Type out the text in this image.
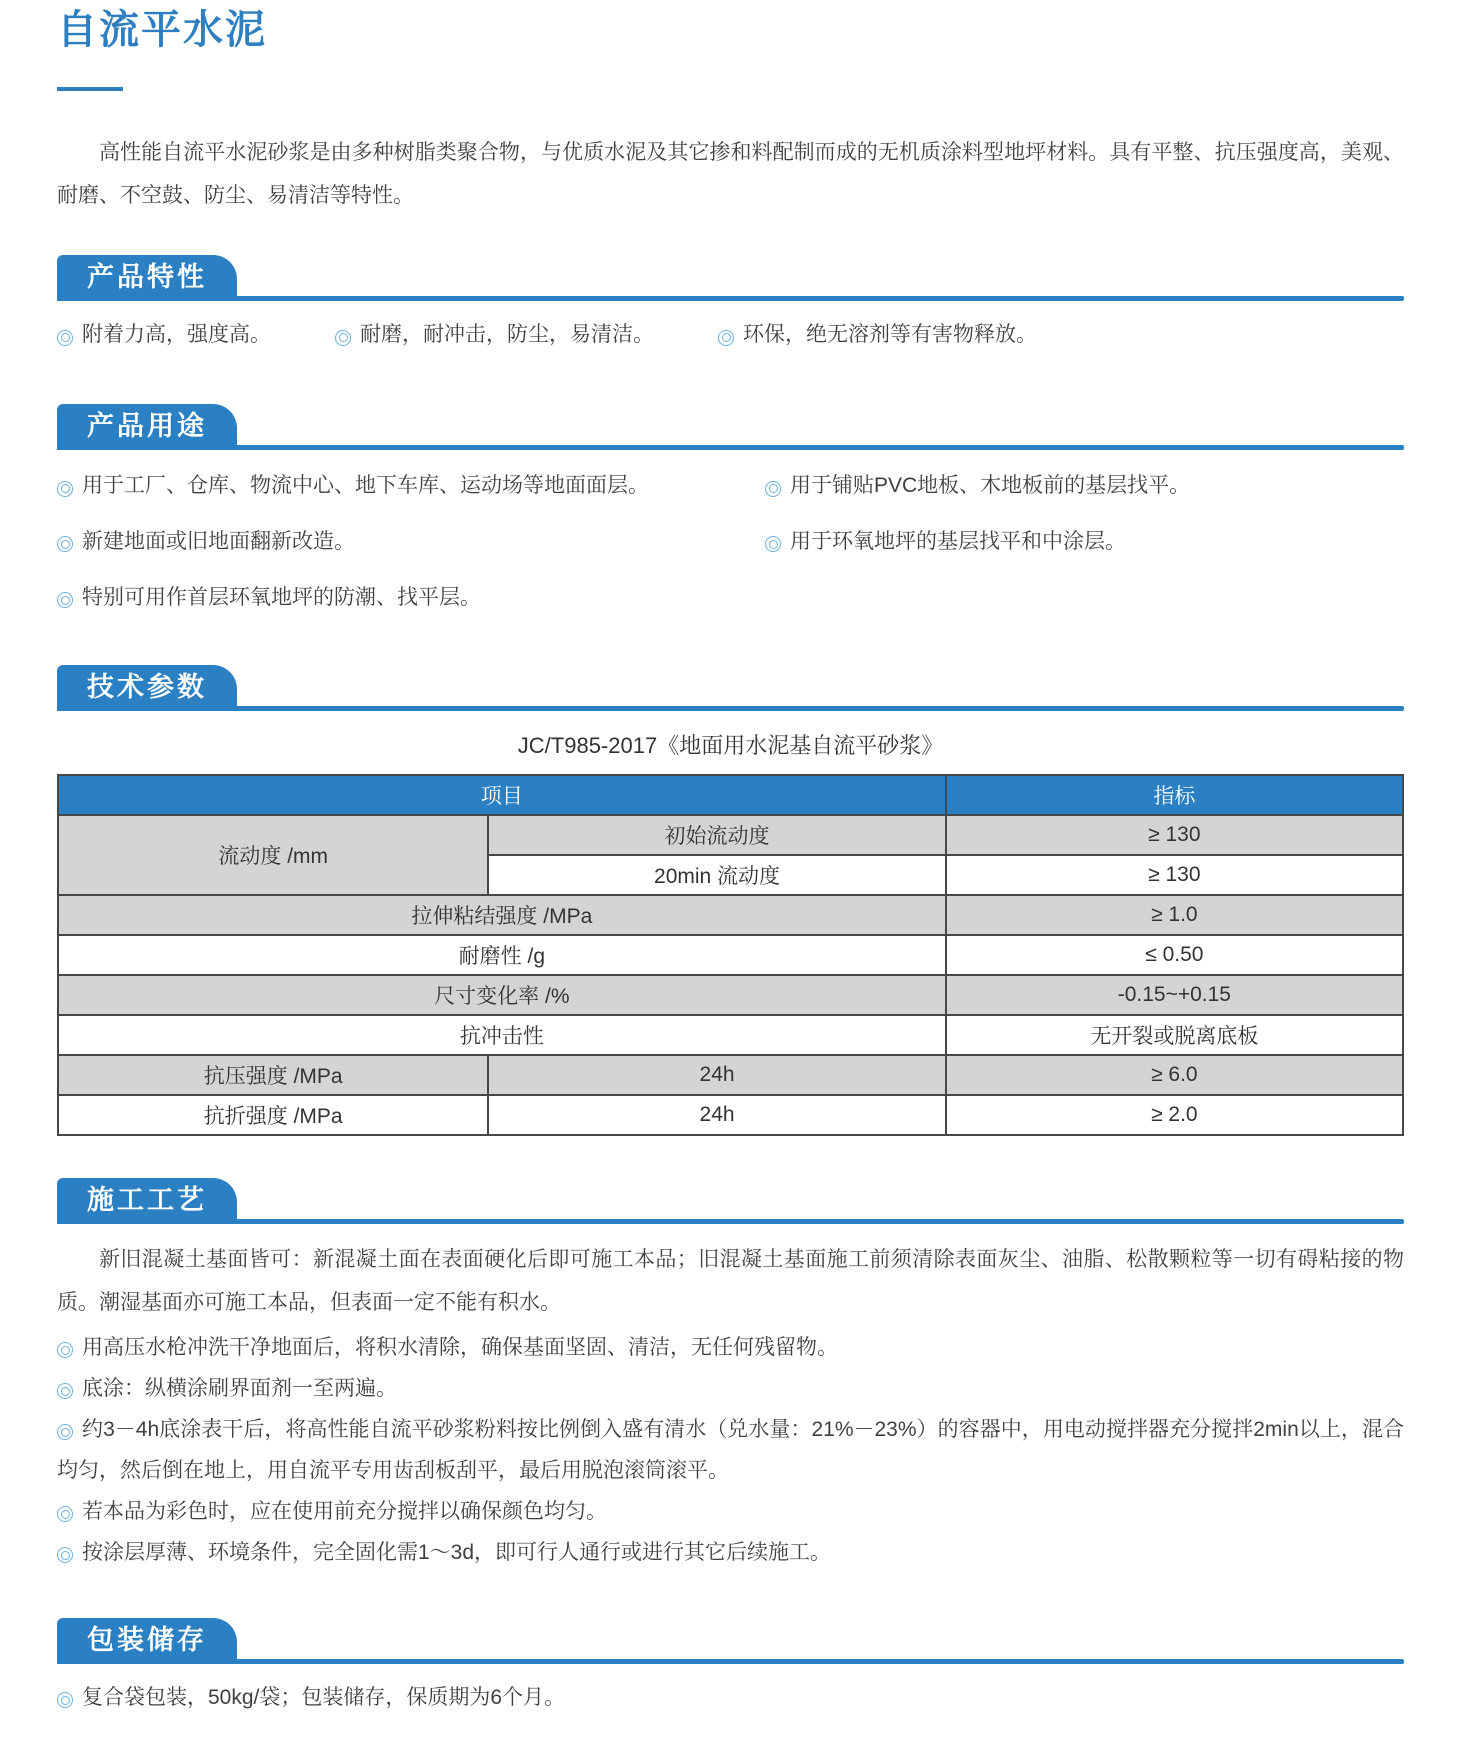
自流平水泥

高性能自流平水泥砂浆是由多种树脂类聚合物，与优质水泥及其它掺和料配制而成的无机质涂料型地坪材料。具有平整、抗压强度高，美观、耐磨、不空鼓、防尘、易清洁等特性。

产品特性
附着力高，强度高。	耐磨，耐冲击，防尘，易清洁。	环保，绝无溶剂等有害物释放。
产品用途
用于工厂、仓库、物流中心、地下车库、运动场等地面面层。
新建地面或旧地面翻新改造。
特别可用作首层环氧地坪的防潮、找平层。
用于铺贴PVC地板、木地板前的基层找平。
用于环氧地坪的基层找平和中涂层。
技术参数
JC/T985-2017《地面用水泥基自流平砂浆》
项目		指标
流动度 /mm	初始流动度	≥ 130
	20min 流动度	≥ 130
拉伸粘结强度 /MPa		≥ 1.0
耐磨性 /g		≤ 0.50
尺寸变化率 /%		-0.15~+0.15
抗冲击性		无开裂或脱离底板
抗压强度 /MPa	24h	≥ 6.0
抗折强度 /MPa	24h	≥ 2.0
施工工艺

新旧混凝土基面皆可：新混凝土面在表面硬化后即可施工本品；旧混凝土基面施工前须清除表面灰尘、油脂、松散颗粒等一切有碍粘接的物质。潮湿基面亦可施工本品，但表面一定不能有积水。

用高压水枪冲洗干净地面后，将积水清除，确保基面坚固、清洁，无任何残留物。
底涂：纵横涂刷界面剂一至两遍。
约3－4h底涂表干后，将高性能自流平砂浆粉料按比例倒入盛有清水（兑水量：21%－23%）的容器中，用电动搅拌器充分搅拌2min以上，混合均匀，然后倒在地上，用自流平专用齿刮板刮平，最后用脱泡滚筒滚平。
若本品为彩色时，应在使用前充分搅拌以确保颜色均匀。
按涂层厚薄、环境条件，完全固化需1～3d，即可行人通行或进行其它后续施工。
包装储存
复合袋包装，50kg/袋；包装储存，保质期为6个月。
